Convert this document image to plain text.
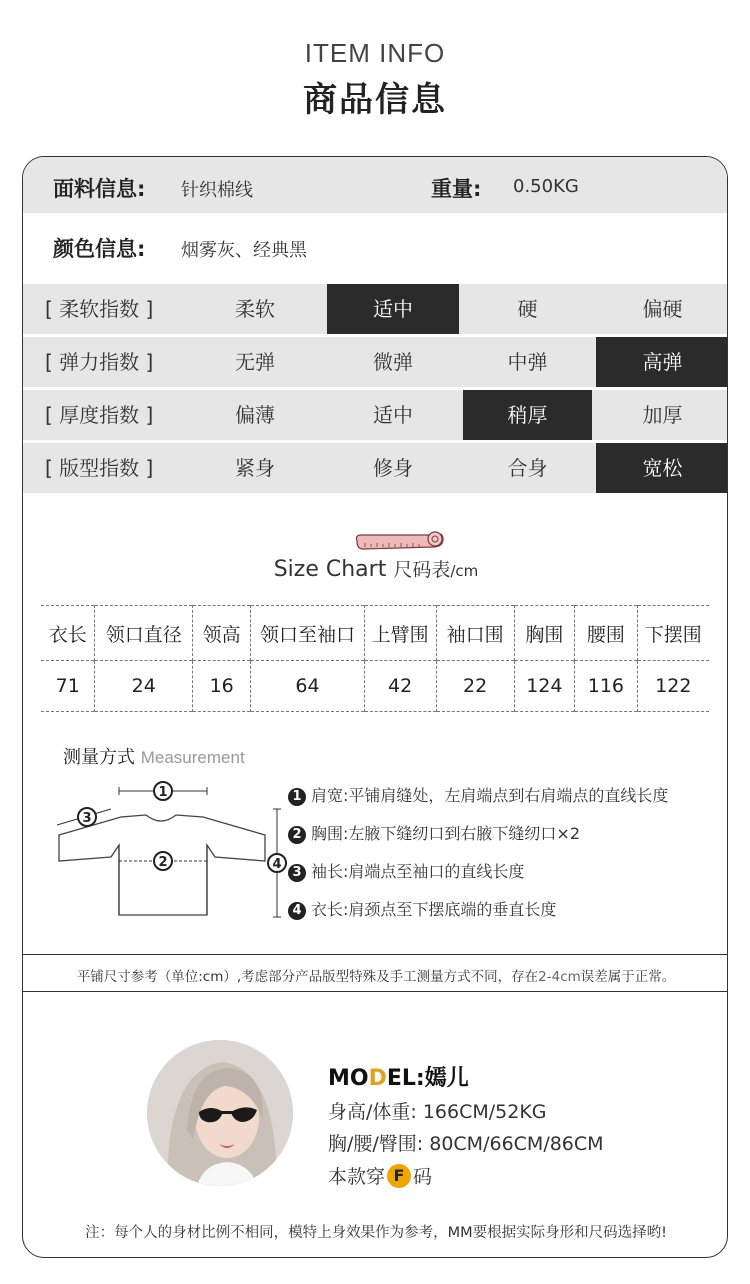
ITEM INFO
商品信息
面料信息: 针织棉线	重量: 0.50KG
颜色信息: 烟雾灰、经典黑
[ 柔软指数 ]	柔软	适中	硬	偏硬
[ 弹力指数 ]	无弹	微弹	中弹	高弹
[ 厚度指数 ]	偏薄	适中	稍厚	加厚
[ 版型指数 ]	紧身	修身	合身	宽松
Size Chart 尺码表/cm
衣长	领口直径	领高	领口至袖口	上臂围	袖口围	胸围	腰围	下摆围
71	24	16	64	42	22	124	116	122
测量方式 Measurement
1
2
3
4
1 肩宽:平铺肩缝处，左肩端点到右肩端点的直线长度
2 胸围:左腋下缝纫口到右腋下缝纫口×2
3 袖长:肩端点至袖口的直线长度
4 衣长:肩颈点至下摆底端的垂直长度
平铺尺寸参考（单位:cm）,考虑部分产品版型特殊及手工测量方式不同，存在2-4cm误差属于正常。
MODEL:嫣儿
身高/体重: 166CM/52KG
胸/腰/臀围: 80CM/66CM/86CM
本款穿 F 码
注：每个人的身材比例不相同，模特上身效果作为参考，MM要根据实际身形和尺码选择哟!
